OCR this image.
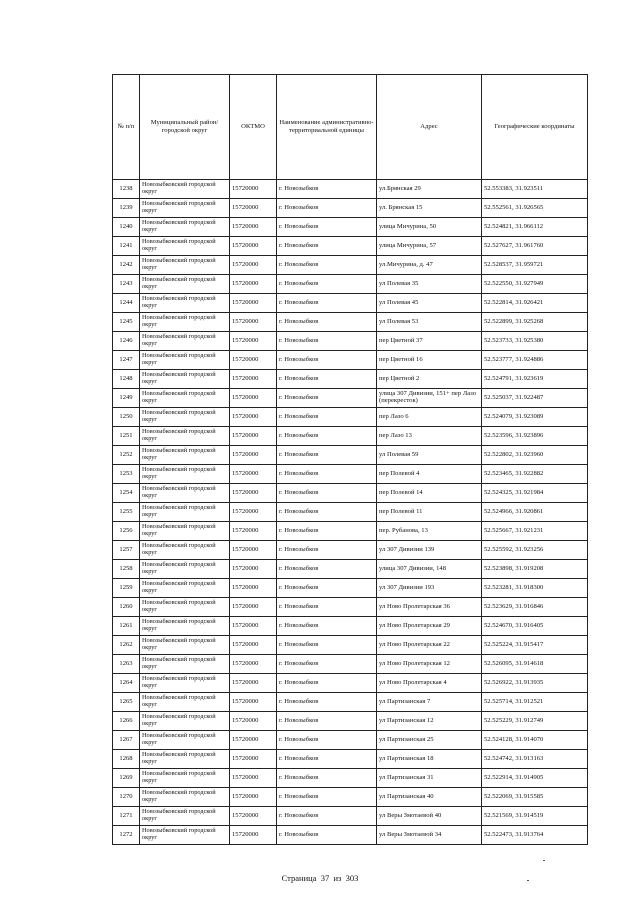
№ п/п	Муниципальный район/городской округ	ОКТМО	Наименование административно-территориальной единицы	Адрес	Географические координаты
1238	Новозыбковский городской округ	15720000	г. Новозыбков	ул.Брянская 29	52.553383, 31.923511
1239	Новозыбковский городской округ	15720000	г. Новозыбков	ул. Брянская 15	52.552561, 31.926565
1240	Новозыбковский городской округ	15720000	г. Новозыбков	улица Мичурина, 50	52.524821, 31.966112
1241	Новозыбковский городской округ	15720000	г. Новозыбков	улица Мичурина, 57	52.527627, 31.961760
1242	Новозыбковский городской округ	15720000	г. Новозыбков	ул.Мичурина, д. 47	52.528537, 31.959721
1243	Новозыбковский городской округ	15720000	г. Новозыбков	ул Полевая 35	52.522550, 31.927949
1244	Новозыбковский городской округ	15720000	г. Новозыбков	ул Полевая 45	52.522814, 31.926421
1245	Новозыбковский городской округ	15720000	г. Новозыбков	ул Полевая 53	52.522899, 31.925268
1246	Новозыбковский городской округ	15720000	г. Новозыбков	пер Цветной 37	52.523733, 31.925380
1247	Новозыбковский городской округ	15720000	г. Новозыбков	пер Цветной 16	52.523777, 31.924886
1248	Новозыбковский городской округ	15720000	г. Новозыбков	пер Цветной 2	52.524791, 31.923619
1249	Новозыбковский городской округ	15720000	г. Новозыбков	улица 307 Дивизии, 151+ пер Лазо (перекресток)	52.525037, 31.922487
1250	Новозыбковский городской округ	15720000	г. Новозыбков	пер Лазо 6	52.524079, 31.923089
1251	Новозыбковский городской округ	15720000	г. Новозыбков	пер Лазо 13	52.523596, 31.923896
1252	Новозыбковский городской округ	15720000	г. Новозыбков	ул Полевая 59	52.522802, 31.923960
1253	Новозыбковский городской округ	15720000	г. Новозыбков	пер Полевой 4	52.523465, 31.922882
1254	Новозыбковский городской округ	15720000	г. Новозыбков	пер Полевой 14	52.524325, 31.921984
1255	Новозыбковский городской округ	15720000	г. Новозыбков	пер Полевой 11	52.524966, 31.920861
1256	Новозыбковский городской округ	15720000	г. Новозыбков	пер. Рубанова, 13	52.525667, 31.921231
1257	Новозыбковский городской округ	15720000	г. Новозыбков	ул 307 Дивизии 139	52.525592, 31.923256
1258	Новозыбковский городской округ	15720000	г. Новозыбков	улица 307 Дивизии, 148	52.523898, 31.919208
1259	Новозыбковский городской округ	15720000	г. Новозыбков	ул 307 Дивизии 193	52.523281, 31.918300
1260	Новозыбковский городской округ	15720000	г. Новозыбков	ул Ново Пролетарская 36	52.523629, 31.916846
1261	Новозыбковский городской округ	15720000	г. Новозыбков	ул Ново Пролетарская 29	52.524670, 31.916405
1262	Новозыбковский городской округ	15720000	г. Новозыбков	ул Ново Пролетарская 22	52.525224, 31.915417
1263	Новозыбковский городской округ	15720000	г. Новозыбков	ул Ново Пролетарская 12	52.526095, 31.914618
1264	Новозыбковский городской округ	15720000	г. Новозыбков	ул Ново Пролетарская 4	52.526922, 31.913935
1265	Новозыбковский городской округ	15720000	г. Новозыбков	ул Партизанская 7	52.525714, 31.912521
1266	Новозыбковский городской округ	15720000	г. Новозыбков	ул Партизанская 12	52.525229, 31.912749
1267	Новозыбковский городской округ	15720000	г. Новозыбков	ул Партизанская 25	52.524128, 31.914070
1268	Новозыбковский городской округ	15720000	г. Новозыбков	ул Партизанская 18	52.524742, 31.913163
1269	Новозыбковский городской округ	15720000	г. Новозыбков	ул Партизанская 31	52.522914, 31.914905
1270	Новозыбковский городской округ	15720000	г. Новозыбков	ул Партизанская 40	52.522069, 31.915585
1271	Новозыбковский городской округ	15720000	г. Новозыбков	ул Веры Змотаевой 40	52.521569, 31.914519
1272	Новозыбковский городской округ	15720000	г. Новозыбков	ул Веры Змотаевой 34	52.522473, 31.913764
Страница 37 из 303
